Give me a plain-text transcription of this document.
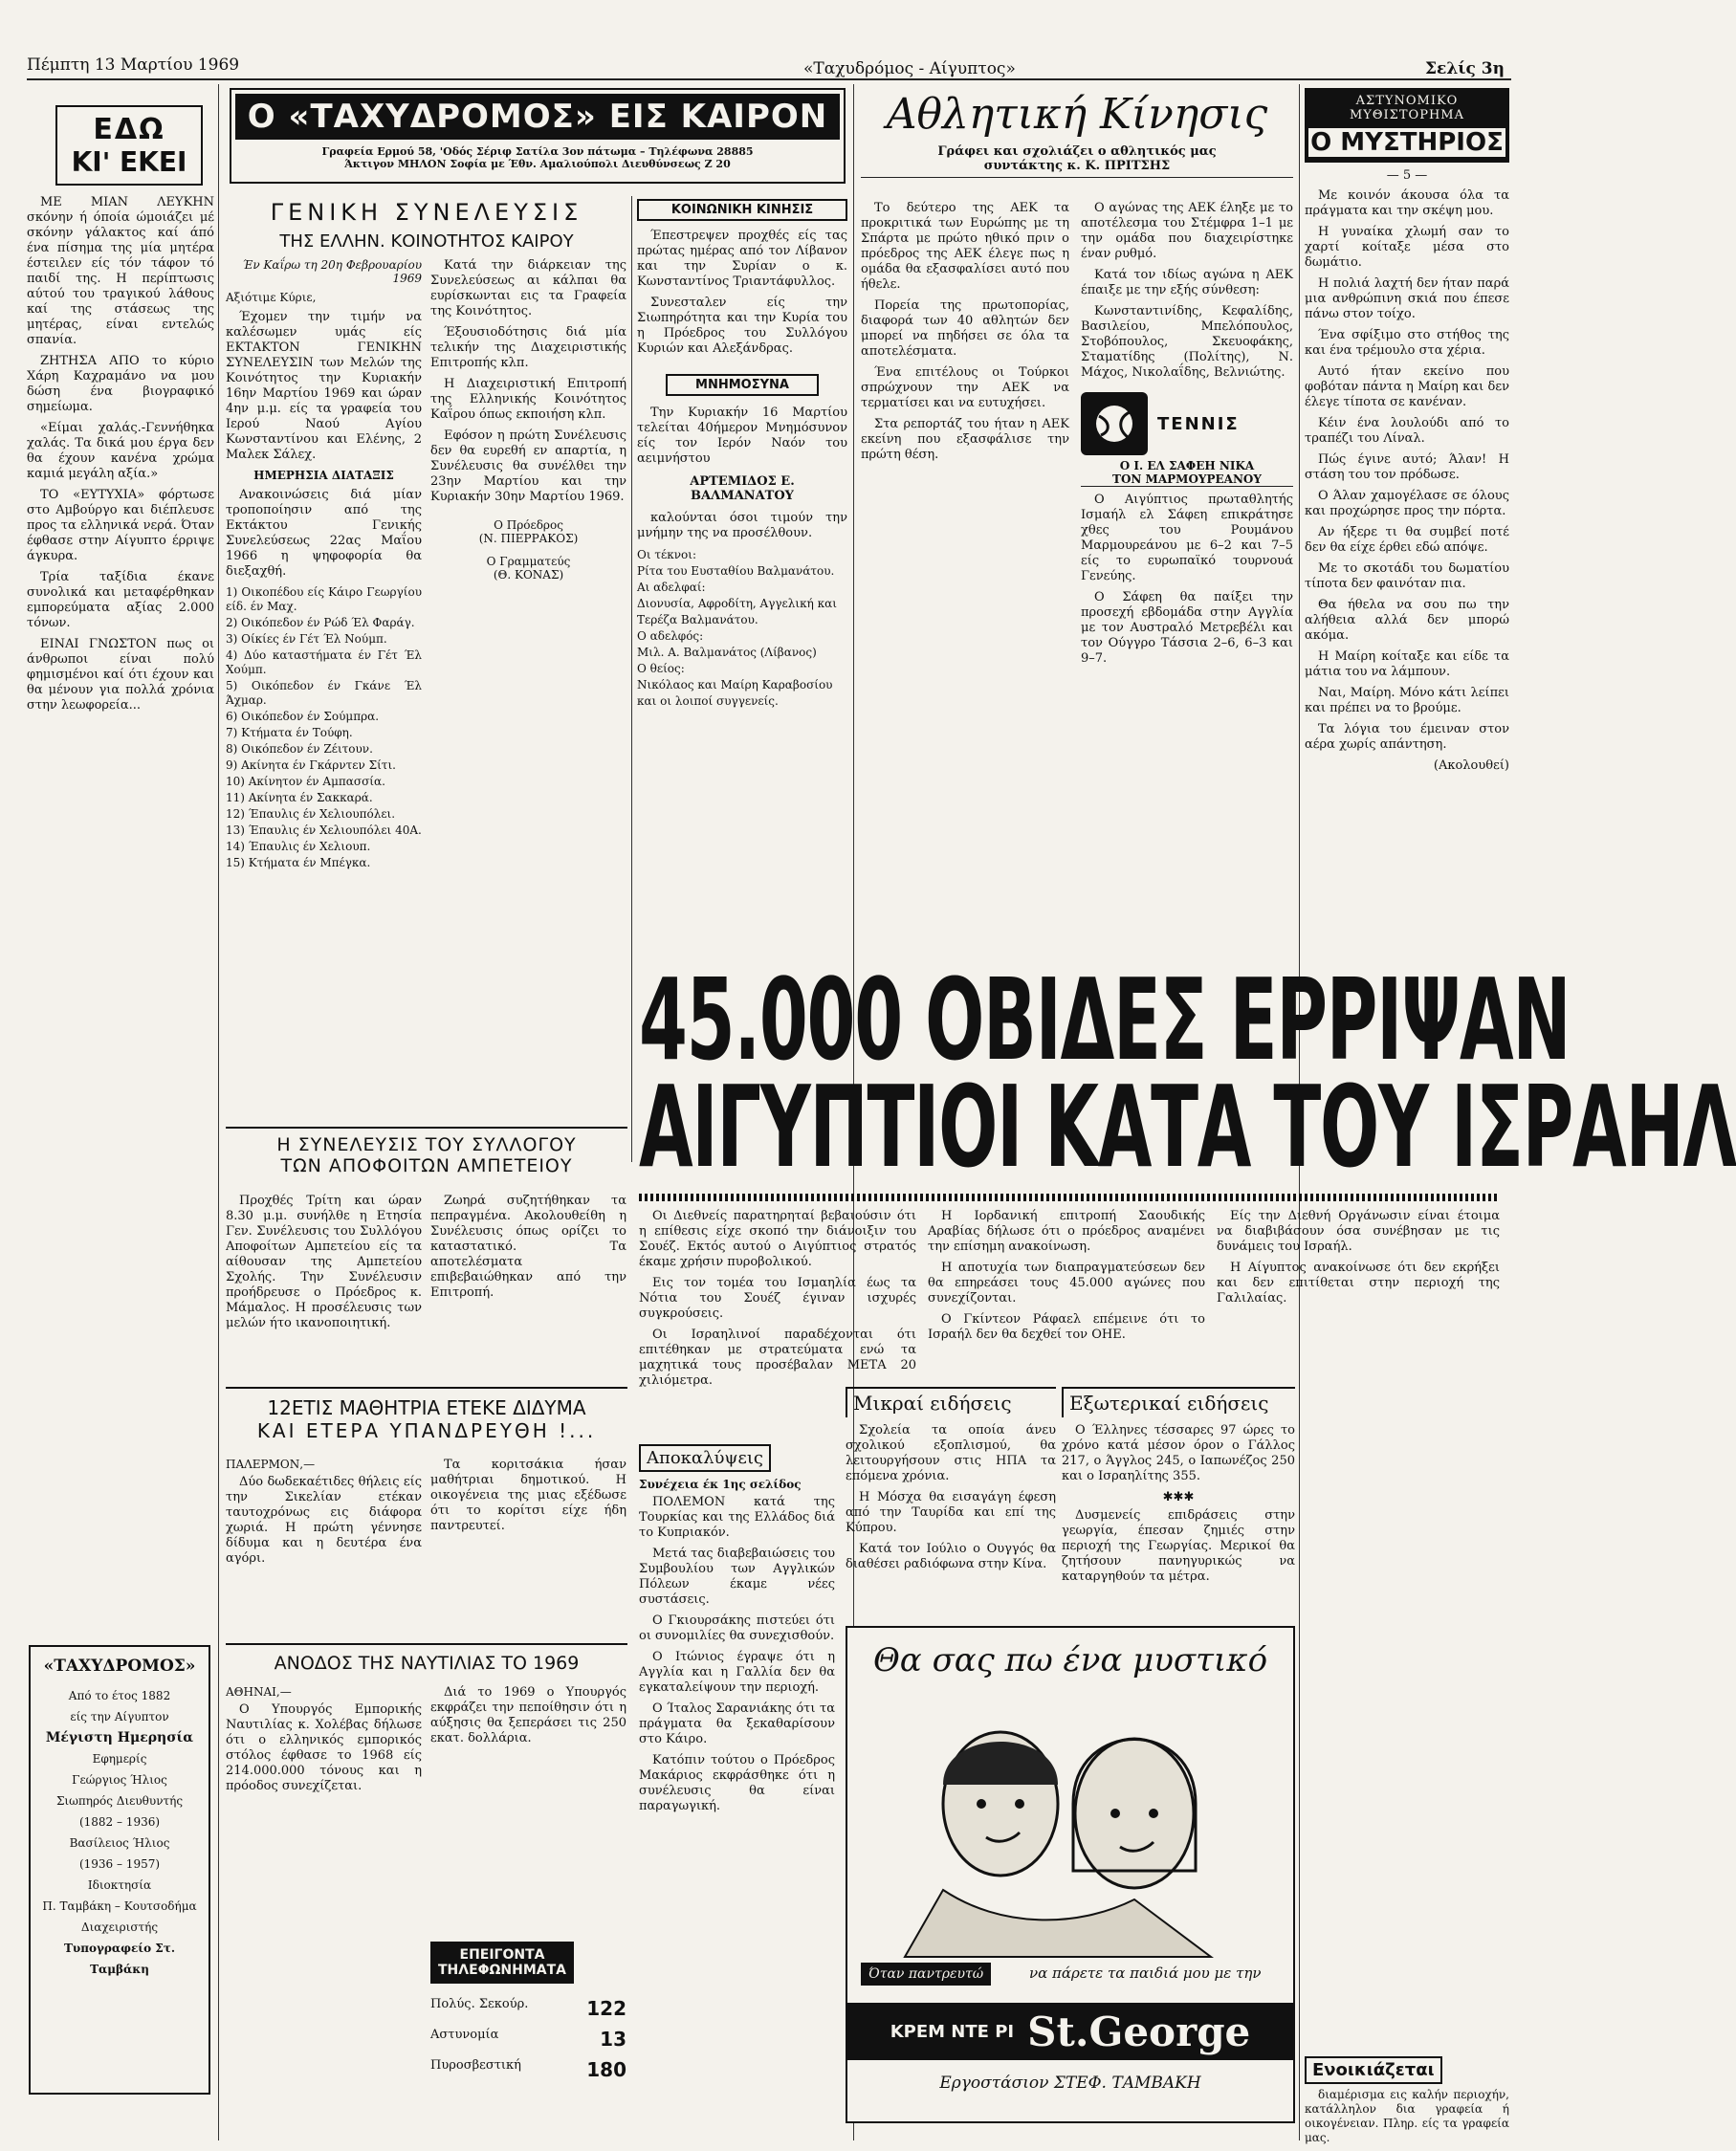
Πέμπτη 13 Μαρτίου 1969	«Ταχυδρόμος - Αίγυπτος»	Σελίς 3η
ΕΔΩ
ΚΙ' ΕΚΕΙ

ΜΕ ΜΙΑΝ ΛΕΥΚΗΝ σκόνην ή όποία ώμοιάζει μέ σκόνην γάλακτος καί άπό ένα πίσημα της μία μητέρα έστειλεν είς τόν τάφον τό παιδί της. Η περίπτωσις αύτού του τραγικού λάθους καί της στάσεως της μητέρας, είναι εντελώς σπανία.

ΖΗΤΗΣΑ ΑΠΟ το κύριο Χάρη Καχραμάνο να μου δώση ένα βιογραφικό σημείωμα.

«Είμαι χαλάς.-Γεννήθηκα χαλάς. Τα δικά μου έργα δεν θα έχουν κανένα χρώμα καμιά μεγάλη αξία.»

ΤΟ «ΕΥΤΥΧΙΑ» φόρτωσε στο Αμβούργο και διέπλευσε προς τα ελληνικά νερά. Όταν έφθασε στην Αίγυπτο έρριψε άγκυρα.

Τρία ταξίδια έκανε συνολικά και μεταφέρθηκαν εμπορεύματα αξίας 2.000 τόνων.

ΕΙΝΑΙ ΓΝΩΣΤΟΝ πως οι άνθρωποι είναι πολύ φημισμένοι καί ότι έχουν και θα μένουν για πολλά χρόνια στην λεωφορεία...

«ΤΑΧΥΔΡΟΜΟΣ»
Από το έτος 1882
είς την Αίγυπτον
Μέγιστη Ημερησία
Εφημερίς
Γεώργιος Ήλιος
Σιωπηρός Διευθυντής
(1882 – 1936)
Βασίλειος Ήλιος
(1936 – 1957)
Ιδιοκτησία
Π. Ταμβάκη – Κουτσοδήμα
Διαχειριστής
Τυπογραφείο Στ. Ταμβάκη
Ο «ΤΑΧΥΔΡΟΜΟΣ» ΕΙΣ ΚΑΙΡΟΝ
Γραφεία Ερμού 58, 'Οδός Σέριφ Σατίλα 3ον πάτωμα – Τηλέφωνα 28885
Άκτιγον ΜΗΛΟΝ Σοφία με Έθν. Αμαλιούπολι Διευθύνσεως Ζ 20
ΓΕΝΙΚΗ ΣΥΝΕΛΕΥΣΙΣ
ΤΗΣ ΕΛΛΗΝ. ΚΟΙΝΟΤΗΤΟΣ ΚΑΙΡΟΥ
Έν Καΐρω τη 20η Φεβρουαρίου 1969
Αξιότιμε Κύριε,

Έχομεν την τιμήν να καλέσωμεν υμάς είς ΕΚΤΑΚΤΟΝ ΓΕΝΙΚΗΝ ΣΥΝΕΛΕΥΣΙΝ των Μελών της Κοινότητος την Κυριακήν 16ην Μαρτίου 1969 και ώραν 4ην μ.μ. είς τα γραφεία του Ιερού Ναού Αγίου Κωνσταντίνου και Ελένης, 2 Μαλεκ Σάλεχ.

ΗΜΕΡΗΣΙΑ ΔΙΑΤΑΞΙΣ

Ανακοινώσεις διά μίαν τροποποίησιν από της Εκτάκτου Γενικής Συνελεύσεως 22ας Μαΐου 1966 η ψηφοφορία θα διεξαχθή.

1) Οικοπέδου είς Κάιρο Γεωργίου είδ. έν Μαχ.
2) Οικόπεδον έν Ρώδ Έλ Φαράγ.
3) Οίκίες έν Γέτ Έλ Νούμπ.
4) Δύο καταστήματα έν Γέτ Έλ Χούμπ.
5) Οικόπεδον έν Γκάνε Έλ Άχμαρ.
6) Οικόπεδον έν Σούμπρα.
7) Κτήματα έν Τούφη.
8) Οικόπεδον έν Ζέιτουν.
9) Ακίνητα έν Γκάρντεν Σίτι.
10) Ακίνητον έν Αμπασσία.
11) Ακίνητα έν Σακκαρά.
12) Έπαυλις έν Χελιουπόλει.
13) Έπαυλις έν Χελιουπόλει 40Α.
14) Έπαυλις έν Χελιουπ.
15) Κτήματα έν Μπέγκα.

Κατά την διάρκειαν της Συνελεύσεως αι κάλπαι θα ευρίσκωνται εις τα Γραφεία της Κοινότητος.

Έξουσιοδότησις διά μία τελικήν της Διαχειριστικής Επιτροπής κλπ.

Η Διαχειριστική Επιτροπή της Ελληνικής Κοινότητος Καΐρου όπως εκποιήση κλπ.

Εφόσον η πρώτη Συνέλευσις δεν θα ευρεθή εν απαρτία, η Συνέλευσις θα συνέλθει την 23ην Μαρτίου και την Κυριακήν 30ην Μαρτίου 1969.

Ο Πρόεδρος
(Ν. ΠΙΕΡΡΑΚΟΣ)
Ο Γραμματεύς
(Θ. ΚΟΝΑΣ)
ΚΟΙΝΩΝΙΚΗ ΚΙΝΗΣΙΣ

Έπεστρεψεν προχθές είς τας πρώτας ημέρας από τον Λίβανον και την Συρίαν ο κ. Κωνσταντίνος Τριαντάφυλλος.

Συνεσταλεν είς την Σιωπηρότητα και την Κυρία του η Πρόεδρος του Συλλόγου Κυριών και Αλεξάνδρας.

ΜΝΗΜΟΣΥΝΑ

Την Κυριακήν 16 Μαρτίου τελείται 40ήμερον Μνημόσυνον είς τον Ιερόν Ναόν του αειμνήστου

ΑΡΤΕΜΙΔΟΣ Ε. ΒΑΛΜΑΝΑΤΟΥ

καλούνται όσοι τιμούν την μνήμην της να προσέλθουν.

Οι τέκνοι:
Ρίτα του Ευσταθίου Βαλμανάτου.
Αι αδελφαί:
Διονυσία, Αφροδίτη, Αγγελική και Τερέζα Βαλμανάτου.
Ο αδελφός:
Μιλ. Α. Βαλμανάτος (Λίβανος)
Ο θείος:
Νικόλαος και Μαίρη Καραβοσίου και οι λοιποί συγγενείς.
Αθλητική Κίνησις
Γράφει και σχολιάζει ο αθλητικός μας
συντάκτης κ. Κ. ΠΡΙΤΣΗΣ

Το δεύτερο της ΑΕΚ τα προκριτικά των Ευρώπης με τη Σπάρτα με πρώτο ηθικό πριν ο πρόεδρος της ΑΕΚ έλεγε πως η ομάδα θα εξασφαλίσει αυτό που ήθελε.

Πορεία της πρωτοπορίας, διαφορά των 40 αθλητών δεν μπορεί να πηδήσει σε όλα τα αποτελέσματα.

Ένα επιτέλους οι Τούρκοι σπρώχνουν την ΑΕΚ να τερματίσει και να ευτυχήσει.

Στα ρεπορτάζ του ήταν η ΑΕΚ εκείνη που εξασφάλισε την πρώτη θέση.

Ο αγώνας της ΑΕΚ έληξε με το αποτέλεσμα του Στέμφρα 1–1 με την ομάδα που διαχειρίστηκε έναν ρυθμό.

Κατά τον ιδίως αγώνα η ΑΕΚ έπαιξε με την εξής σύνθεση:

Κωνσταντινίδης, Κεφαλίδης, Βασιλείου, Μπελόπουλος, Στοβόπουλος, Σκευοφάκης, Σταματίδης (Πολίτης), Ν. Μάχος, Νικολαΐδης, Βελνιώτης.

ΤΕΝΝΙΣ
Ο Ι. ΕΛ ΣΑΦΕΗ ΝΙΚΑ
ΤΟΝ ΜΑΡΜΟΥΡΕΑΝΟΥ

Ο Αιγύπτιος πρωταθλητής Ισμαήλ ελ Σάφεη επικράτησε χθες του Ρουμάνου Μαρμουρεάνου με 6–2 και 7–5 είς το ευρωπαϊκό τουρνουά Γενεύης.

Ο Σάφεη θα παίξει την προσεχή εβδομάδα στην Αγγλία με τον Αυστραλό Μετρεβέλι και τον Ούγγρο Τάσσια 2–6, 6–3 και 9–7.

ΑΣΤΥΝΟΜΙΚΟ
ΜΥΘΙΣΤΟΡΗΜΑ
Ο ΜΥΣΤΗΡΙΟΣ
— 5 —

Με κοινόν άκουσα όλα τα πράγματα και την σκέψη μου.

Η γυναίκα χλωμή σαν το χαρτί κοίταξε μέσα στο δωμάτιο.

Η πολιά λαχτή δεν ήταν παρά μια ανθρώπινη σκιά που έπεσε πάνω στον τοίχο.

Ένα σφίξιμο στο στήθος της και ένα τρέμουλο στα χέρια.

Αυτό ήταν εκείνο που φοβόταν πάντα η Μαίρη και δεν έλεγε τίποτα σε κανέναν.

Κέιν ένα λουλούδι από το τραπέζι του Λίναλ.

Πώς έγινε αυτό; Άλαν! Η στάση του τον πρόδωσε.

Ο Άλαν χαμογέλασε σε όλους και προχώρησε προς την πόρτα.

Αν ήξερε τι θα συμβεί ποτέ δεν θα είχε έρθει εδώ απόψε.

Με το σκοτάδι του δωματίου τίποτα δεν φαινόταν πια.

Θα ήθελα να σου πω την αλήθεια αλλά δεν μπορώ ακόμα.

Η Μαίρη κοίταξε και είδε τα μάτια του να λάμπουν.

Ναι, Μαίρη. Μόνο κάτι λείπει και πρέπει να το βρούμε.

Τα λόγια του έμειναν στον αέρα χωρίς απάντηση.

(Ακολουθεί)
45.000 ΟΒΙΔΕΣ ΕΡΡΙΨΑΝ
ΑΙΓΥΠΤΙΟΙ ΚΑΤΑ ΤΟΥ ΙΣΡΑΗΛ

Οι Διεθνείς παρατηρηταί βεβαιούσιν ότι η επίθεσις είχε σκοπό την διάνοιξιν του Σουέζ. Εκτός αυτού ο Αιγύπτιος στρατός έκαμε χρήσιν πυροβολικού.

Εις τον τομέα του Ισμαηλία έως τα Νότια του Σουέζ έγιναν ισχυρές συγκρούσεις.

Οι Ισραηλινοί παραδέχονται ότι επιτέθηκαν με στρατεύματα ενώ τα μαχητικά τους προσέβαλαν ΜΕΤΑ 20 χιλιόμετρα.

Η Ιορδανική επιτροπή Σαουδικής Αραβίας δήλωσε ότι ο πρόεδρος αναμένει την επίσημη ανακοίνωση.

Η αποτυχία των διαπραγματεύσεων δεν θα επηρεάσει τους 45.000 αγώνες που συνεχίζονται.

Ο Γκίντεον Ράφαελ επέμεινε ότι το Ισραήλ δεν θα δεχθεί τον ΟΗΕ.

Είς την Διεθνή Οργάνωσιν είναι έτοιμα να διαβιβάσουν όσα συνέβησαν με τις δυνάμεις του Ισραήλ.

Η Αίγυπτος ανακοίνωσε ότι δεν εκρήξει και δεν επιτίθεται στην περιοχή της Γαλιλαίας.

Η ΣΥΝΕΛΕΥΣΙΣ ΤΟΥ ΣΥΛΛΟΓΟΥ
ΤΩΝ ΑΠΟΦΟΙΤΩΝ ΑΜΠΕΤΕΙΟΥ

Προχθές Τρίτη και ώραν 8.30 μ.μ. συνήλθε η Ετησία Γεν. Συνέλευσις του Συλλόγου Αποφοίτων Αμπετείου είς τα αίθουσαν της Αμπετείου Σχολής. Την Συνέλευσιν προήδρευσε ο Πρόεδρος κ. Μάμαλος. Η προσέλευσις των μελών ήτο ικανοποιητική.

Ζωηρά συζητήθηκαν τα πεπραγμένα. Ακολουθείθη η Συνέλευσις όπως ορίζει το καταστατικό. Τα αποτελέσματα επιβεβαιώθηκαν από την Επιτροπή.

12ΕΤΙΣ ΜΑΘΗΤΡΙΑ ΕΤΕΚΕ ΔΙΔΥΜΑ
ΚΑΙ ΕΤΕΡΑ ΥΠΑΝΔΡΕΥΘΗ !...
ΠΑΛΕΡΜΟΝ,—

Δύο δωδεκαέτιδες θήλεις είς την Σικελίαν ετέκαν ταυτοχρόνως εις διάφορα χωριά. Η πρώτη γέννησε δίδυμα και η δευτέρα ένα αγόρι.

Τα κοριτσάκια ήσαν μαθήτριαι δημοτικού. Η οικογένεια της μιας εξέδωσε ότι το κορίτσι είχε ήδη παντρευτεί.

ΑΝΟΔΟΣ ΤΗΣ ΝΑΥΤΙΛΙΑΣ ΤΟ 1969
ΑΘΗΝΑΙ,—

Ο Υπουργός Εμπορικής Ναυτιλίας κ. Χολέβας δήλωσε ότι ο ελληνικός εμπορικός στόλος έφθασε το 1968 είς 214.000.000 τόνους και η πρόοδος συνεχίζεται.

Διά το 1969 ο Υπουργός εκφράζει την πεποίθησιν ότι η αύξησις θα ξεπεράσει τις 250 εκατ. δολλάρια.

ΕΠΕΙΓΟΝΤΑ
ΤΗΛΕΦΩΝΗΜΑΤΑ
Πολύς. Σεκούρ.	122
Αστυνομία	13
Πυροσβεστική	180
Αποκαλύψεις
Συνέχεια έκ 1ης σελίδος

ΠΟΛΕΜΟΝ κατά της Τουρκίας και της Ελλάδος διά το Κυπριακόν.

Μετά τας διαβεβαιώσεις του Συμβουλίου των Αγγλικών Πόλεων έκαμε νέες συστάσεις.

Ο Γκιουρσάκης πιστεύει ότι οι συνομιλίες θα συνεχισθούν.

Ο Ιτώνιος έγραψε ότι η Αγγλία και η Γαλλία δεν θα εγκαταλείψουν την περιοχή.

Ο Ίταλος Σαρανιάκης ότι τα πράγματα θα ξεκαθαρίσουν στο Κάιρο.

Κατόπιν τούτου ο Πρόεδρος Μακάριος εκφράσθηκε ότι η συνέλευσις θα είναι παραγωγική.

Μικραί ειδήσεις

Σχολεία τα οποία άνευ σχολικού εξοπλισμού, θα λειτουργήσουν στις ΗΠΑ τα επόμενα χρόνια.

Η Μόσχα θα εισαγάγη έφεση από την Ταυρίδα και επί της Κύπρου.

Κατά τον Ιούλιο ο Ουγγός θα διαθέσει ραδιόφωνα στην Κίνα.

Εξωτερικαί ειδήσεις

Ο Έλληνες τέσσαρες 97 ώρες το χρόνο κατά μέσον όρον ο Γάλλος 217, ο Άγγλος 245, ο Ιαπωνέζος 250 και ο Ισραηλίτης 355.

✱✱✱

Δυσμενείς επιδράσεις στην γεωργία, έπεσαν ζημιές στην περιοχή της Γεωργίας. Μερικοί θα ζητήσουν πανηγυρικώς να καταργηθούν τα μέτρα.

Θα σας πω ένα μυστικό
Όταν παντρευτώ	να πάρετε τα παιδιά μου με την
ΚΡΕΜ ΝΤΕ ΡΙ St.George
Εργοστάσιον ΣΤΕΦ. ΤΑΜΒΑΚΗ
Ενοικιάζεται

διαμέρισμα εις καλήν περιοχήν, κατάλληλον δια γραφεία ή οικογένειαν. Πληρ. είς τα γραφεία μας.
